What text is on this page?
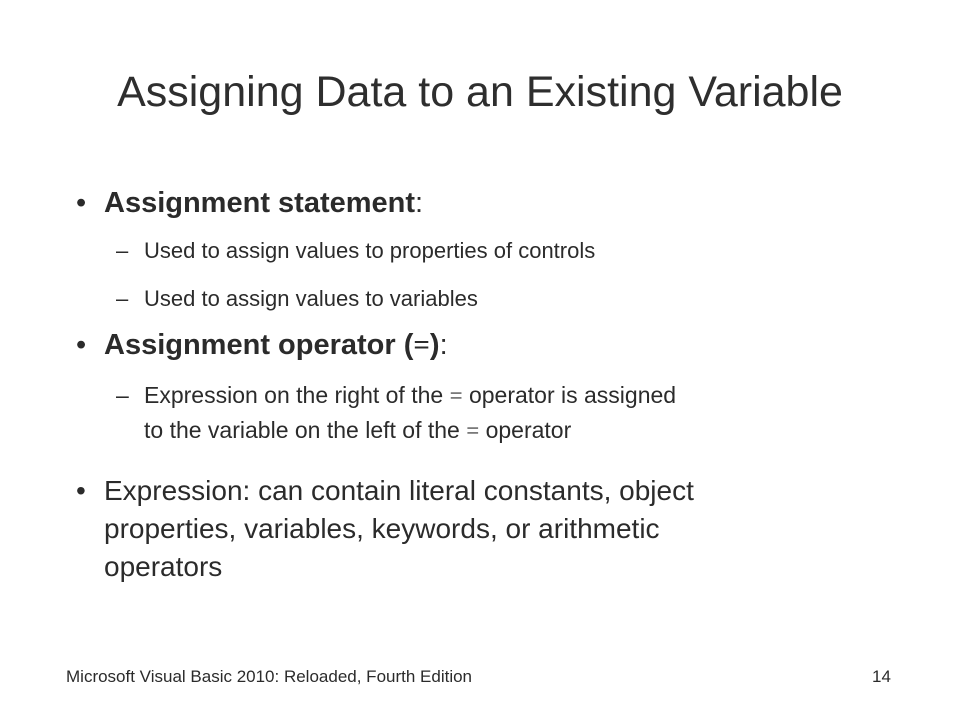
Assigning Data to an Existing Variable
• Assignment statement:
– Used to assign values to properties of controls
– Used to assign values to variables
• Assignment operator (=):
– Expression on the right of the = operator is assigned
to the variable on the left of the = operator
• Expression: can contain literal constants, object
properties, variables, keywords, or arithmetic
operators
Microsoft Visual Basic 2010: Reloaded, Fourth Edition	14
